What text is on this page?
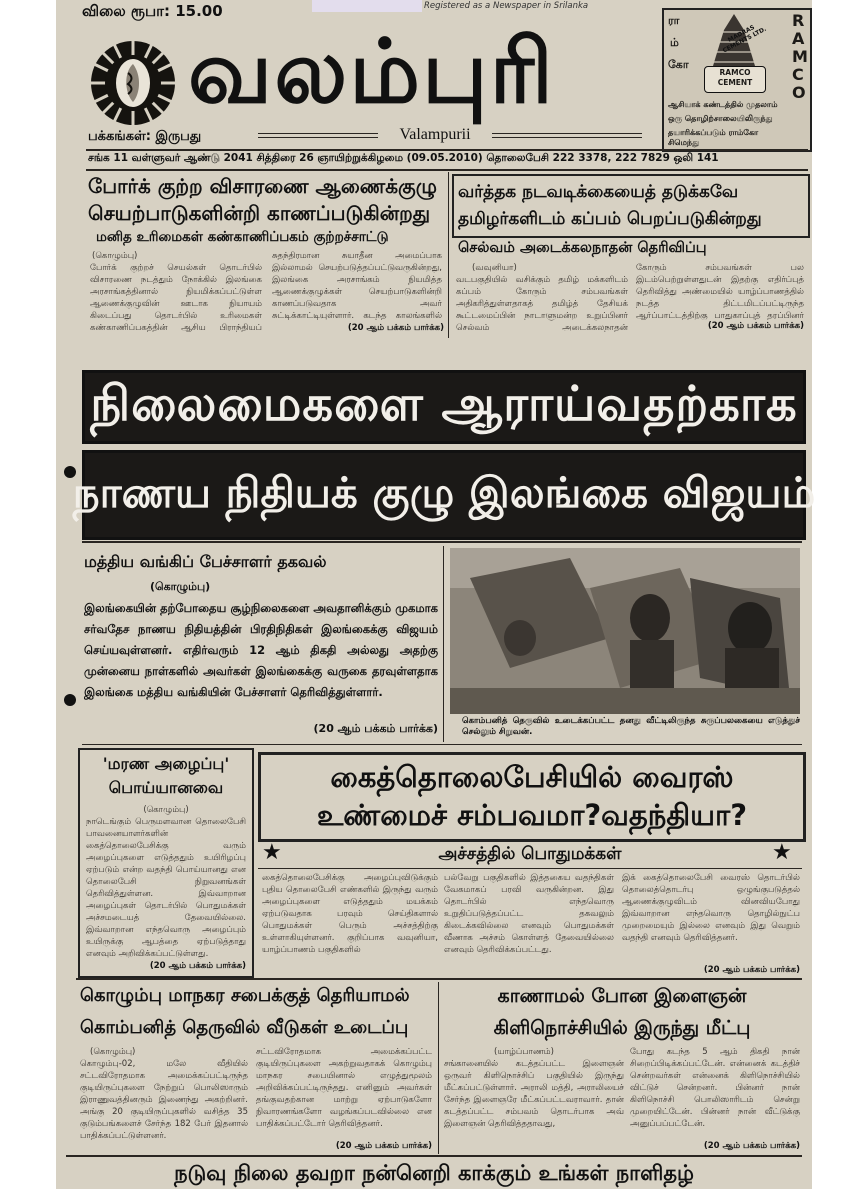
விலை ரூபா: 15.00	Registered as a Newspaper in Srilanka
வலம்புரி
பக்கங்கள்: இருபது	Valampurii
ரா
ம்
கோ
RAMCO
MADRAS CEMENTS LTD.
RAMCO CEMENT
ஆசியாக் கண்டத்தில் முதலாம்
ஒரு தொழிற்சாலையிலிருந்து
தயாரிக்கப்படும் ராம்கோ சிமெந்து
சங்க 11 வள்ளுவர் ஆண்டு 2041 சித்திரை 26 ஞாயிற்றுக்கிழமை (09.05.2010) தொலைபேசி 222 3378, 222 7829 ஒலி 141
போர்க் குற்ற விசாரணை ஆணைக்குழு
செயற்பாடுகளின்றி காணப்படுகின்றது
மனித உரிமைகள் கண்காணிப்பகம் குற்றச்சாட்டு
(கொழும்பு)
போர்க் குற்றச் செயல்கள் தொடர்பில் விசாரணை நடத்தும் நோக்கில் இலங்கை அரசாங்கத்தினால் நியமிக்கப்பட்டுள்ள ஆணைக்குழுவின் ஊடாக நியாயம் கிடைப்பது தொடர்பில் உரிமைகள் கண்காணிப்பகத்தின் ஆசிய பிராந்தியப்
சுதந்திரமான சுயாதீன அமைப்பாக இல்லாமல் செயற்படுத்தப்பட்டுவருகின்றது, இலங்கை அரசாங்கம் நியமித்த ஆணைக்குழுக்கள் செயற்பாடுகளின்றி காணப்படுவதாக அவர் சுட்டிக்காட்டியுள்ளார். கடந்த காலங்களில்
(20 ஆம் பக்கம் பார்க்க)
வர்த்தக நடவடிக்கையைத் தடுக்கவே
தமிழர்களிடம் கப்பம் பெறப்படுகின்றது
செல்வம் அடைக்கலநாதன் தெரிவிப்பு
(வவுனியா)
வடபகுதியில் வசிக்கும் தமிழ் மக்களிடம் கப்பம் கோரும் சம்பவங்கள் அதிகரித்துள்ளதாகத் தமிழ்த் தேசியக் கூட்டமைப்பின் நாடாளுமன்ற உறுப்பினர் செல்வம் அடைக்கலநாதன்
கோரும் சம்பவங்கள் பல இடம்பெற்றுள்ளதுடன் இதற்கு எதிர்ப்புத் தெரிவித்து அண்மையில் யாழ்ப்பாணத்தில் நடத்த திட்டமிடப்பட்டிருந்த ஆர்ப்பாட்டத்திற்கு பாதுகாப்புத் தரப்பினர்
(20 ஆம் பக்கம் பார்க்க)
நிலைமைகளை ஆராய்வதற்காக
நாணய நிதியக் குழு இலங்கை விஜயம்
மத்திய வங்கிப் பேச்சாளர் தகவல்
(கொழும்பு)
இலங்கையின் தற்போதைய சூழ்நிலைகளை அவதானிக்கும் முகமாக சர்வதேச நாணய நிதியத்தின் பிரதிநிதிகள் இலங்கைக்கு விஜயம் செய்யவுள்ளனர். எதிர்வரும் 12 ஆம் திகதி அல்லது அதற்கு முன்னைய நாள்களில் அவர்கள் இலங்கைக்கு வருகை தரவுள்ளதாக இலங்கை மத்திய வங்கியின் பேச்சாளர் தெரிவித்துள்ளார்.
(20 ஆம் பக்கம் பார்க்க)
கொம்பனித் தெருவில் உடைக்கப்பட்ட தனது வீட்டிலிருந்த சுருப்பலகையை எடுத்துச் செல்லும் சிறுவன்.
'மரண அழைப்பு'
பொய்யானவை
(கொழும்பு)
நாடெங்கும் பெருமளவான தொலைபேசி பாவனையாளர்களின் கைத்தொலைபேசிக்கு வரும் அழைப்புகளை எடுத்ததும் உயிரிழப்பு ஏற்படும் என்ற வதந்தி பொய்யானது என தொலைபேசி நிறுவனங்கள் தெரிவித்துள்ளன. இவ்வாறான அழைப்புகள் தொடர்பில் பொதுமக்கள் அச்சமடையத் தேவையில்லை. இவ்வாறான எந்தவொரு அழைப்பும் உயிருக்கு ஆபத்தை ஏற்படுத்தாது எனவும் அறிவிக்கப்பட்டுள்ளது.
(20 ஆம் பக்கம் பார்க்க)
கைத்தொலைபேசியில் வைரஸ்
உண்மைச் சம்பவமா?வதந்தியா?
★	அச்சத்தில் பொதுமக்கள்	★
கைத்தொலைபேசிக்கு அழைப்புவிடுக்கும் புதிய தொலைபேசி எண்களில் இருந்து வரும் அழைப்புகளை எடுத்ததும் மயக்கம் ஏற்படுவதாக பரவும் செய்திகளால் பொதுமக்கள் பெரும் அச்சத்திற்கு உள்ளாகியுள்ளனர். குறிப்பாக வவுனியா, யாழ்ப்பாணம் பகுதிகளில்
பல்வேறு பகுதிகளில் இத்தகைய வதந்திகள் வேகமாகப் பரவி வருகின்றன. இது தொடர்பில் எந்தவொரு உறுதிப்படுத்தப்பட்ட தகவலும் கிடைக்கவில்லை எனவும் பொதுமக்கள் வீணாக அச்சம் கொள்ளத் தேவையில்லை எனவும் தெரிவிக்கப்பட்டது.
இக் கைத்தொலைபேசி வைரஸ் தொடர்பில் தொலைத்தொடர்பு ஒழுங்குபடுத்தல் ஆணைக்குழுவிடம் வினவியபோது இவ்வாறான எந்தவொரு தொழில்நுட்ப முறைமையும் இல்லை எனவும் இது வெறும் வதந்தி எனவும் தெரிவித்தனர்.
(20 ஆம் பக்கம் பார்க்க)
கொழும்பு மாநகர சபைக்குத் தெரியாமல்
கொம்பனித் தெருவில் வீடுகள் உடைப்பு
(கொழும்பு)
கொழும்பு-02, மலே வீதியில் சட்டவிரோதமாக அமைக்கப்பட்டிருந்த குடியிருப்புகளை நேற்றுப் பொலிஸாரும் இராணுவத்தினரும் இணைந்து அகற்றினர். அங்கு 20 குடியிருப்புகளில் வசித்த 35 குடும்பங்களைச் சேர்ந்த 182 பேர் இதனால் பாதிக்கப்பட்டுள்ளனர்.
சட்டவிரோதமாக அமைக்கப்பட்ட குடியிருப்புகளை அகற்றுவதாகக் கொழும்பு மாநகர சபையினால் எழுத்துமூலம் அறிவிக்கப்பட்டிருந்தது. எனினும் அவர்கள் தங்குவதற்கான மாற்று ஏற்பாடுகளோ நிவாரணங்களோ வழங்கப்படவில்லை என பாதிக்கப்பட்டோர் தெரிவித்தனர்.
(20 ஆம் பக்கம் பார்க்க)
காணாமல் போன இளைஞன்
கிளிநொச்சியில் இருந்து மீட்பு
(யாழ்ப்பாணம்)
சங்கானையில் கடத்தப்பட்ட இளைஞன் ஒருவர் கிளிநொச்சிப் பகுதியில் இருந்து மீட்கப்பட்டுள்ளார். அராலி மத்தி, அராலியைச் சேர்ந்த இளைஞரே மீட்கப்பட்டவராவார். தான் கடத்தப்பட்ட சம்பவம் தொடர்பாக அவ் இளைஞன் தெரிவித்ததாவது,
போது கடந்த 5 ஆம் திகதி நான் சிறைப்பிடிக்கப்பட்டேன். என்னைக் கடத்திச் சென்றவர்கள் என்னைக் கிளிநொச்சியில் விட்டுச் சென்றனர். பின்னர் நான் கிளிநொச்சி பொலிஸாரிடம் சென்று முறையிட்டேன். பின்னர் நான் வீட்டுக்கு அனுப்பப்பட்டேன்.
(20 ஆம் பக்கம் பார்க்க)
நடுவு நிலை தவறா நன்னெறி காக்கும் உங்கள் நாளிதழ்
